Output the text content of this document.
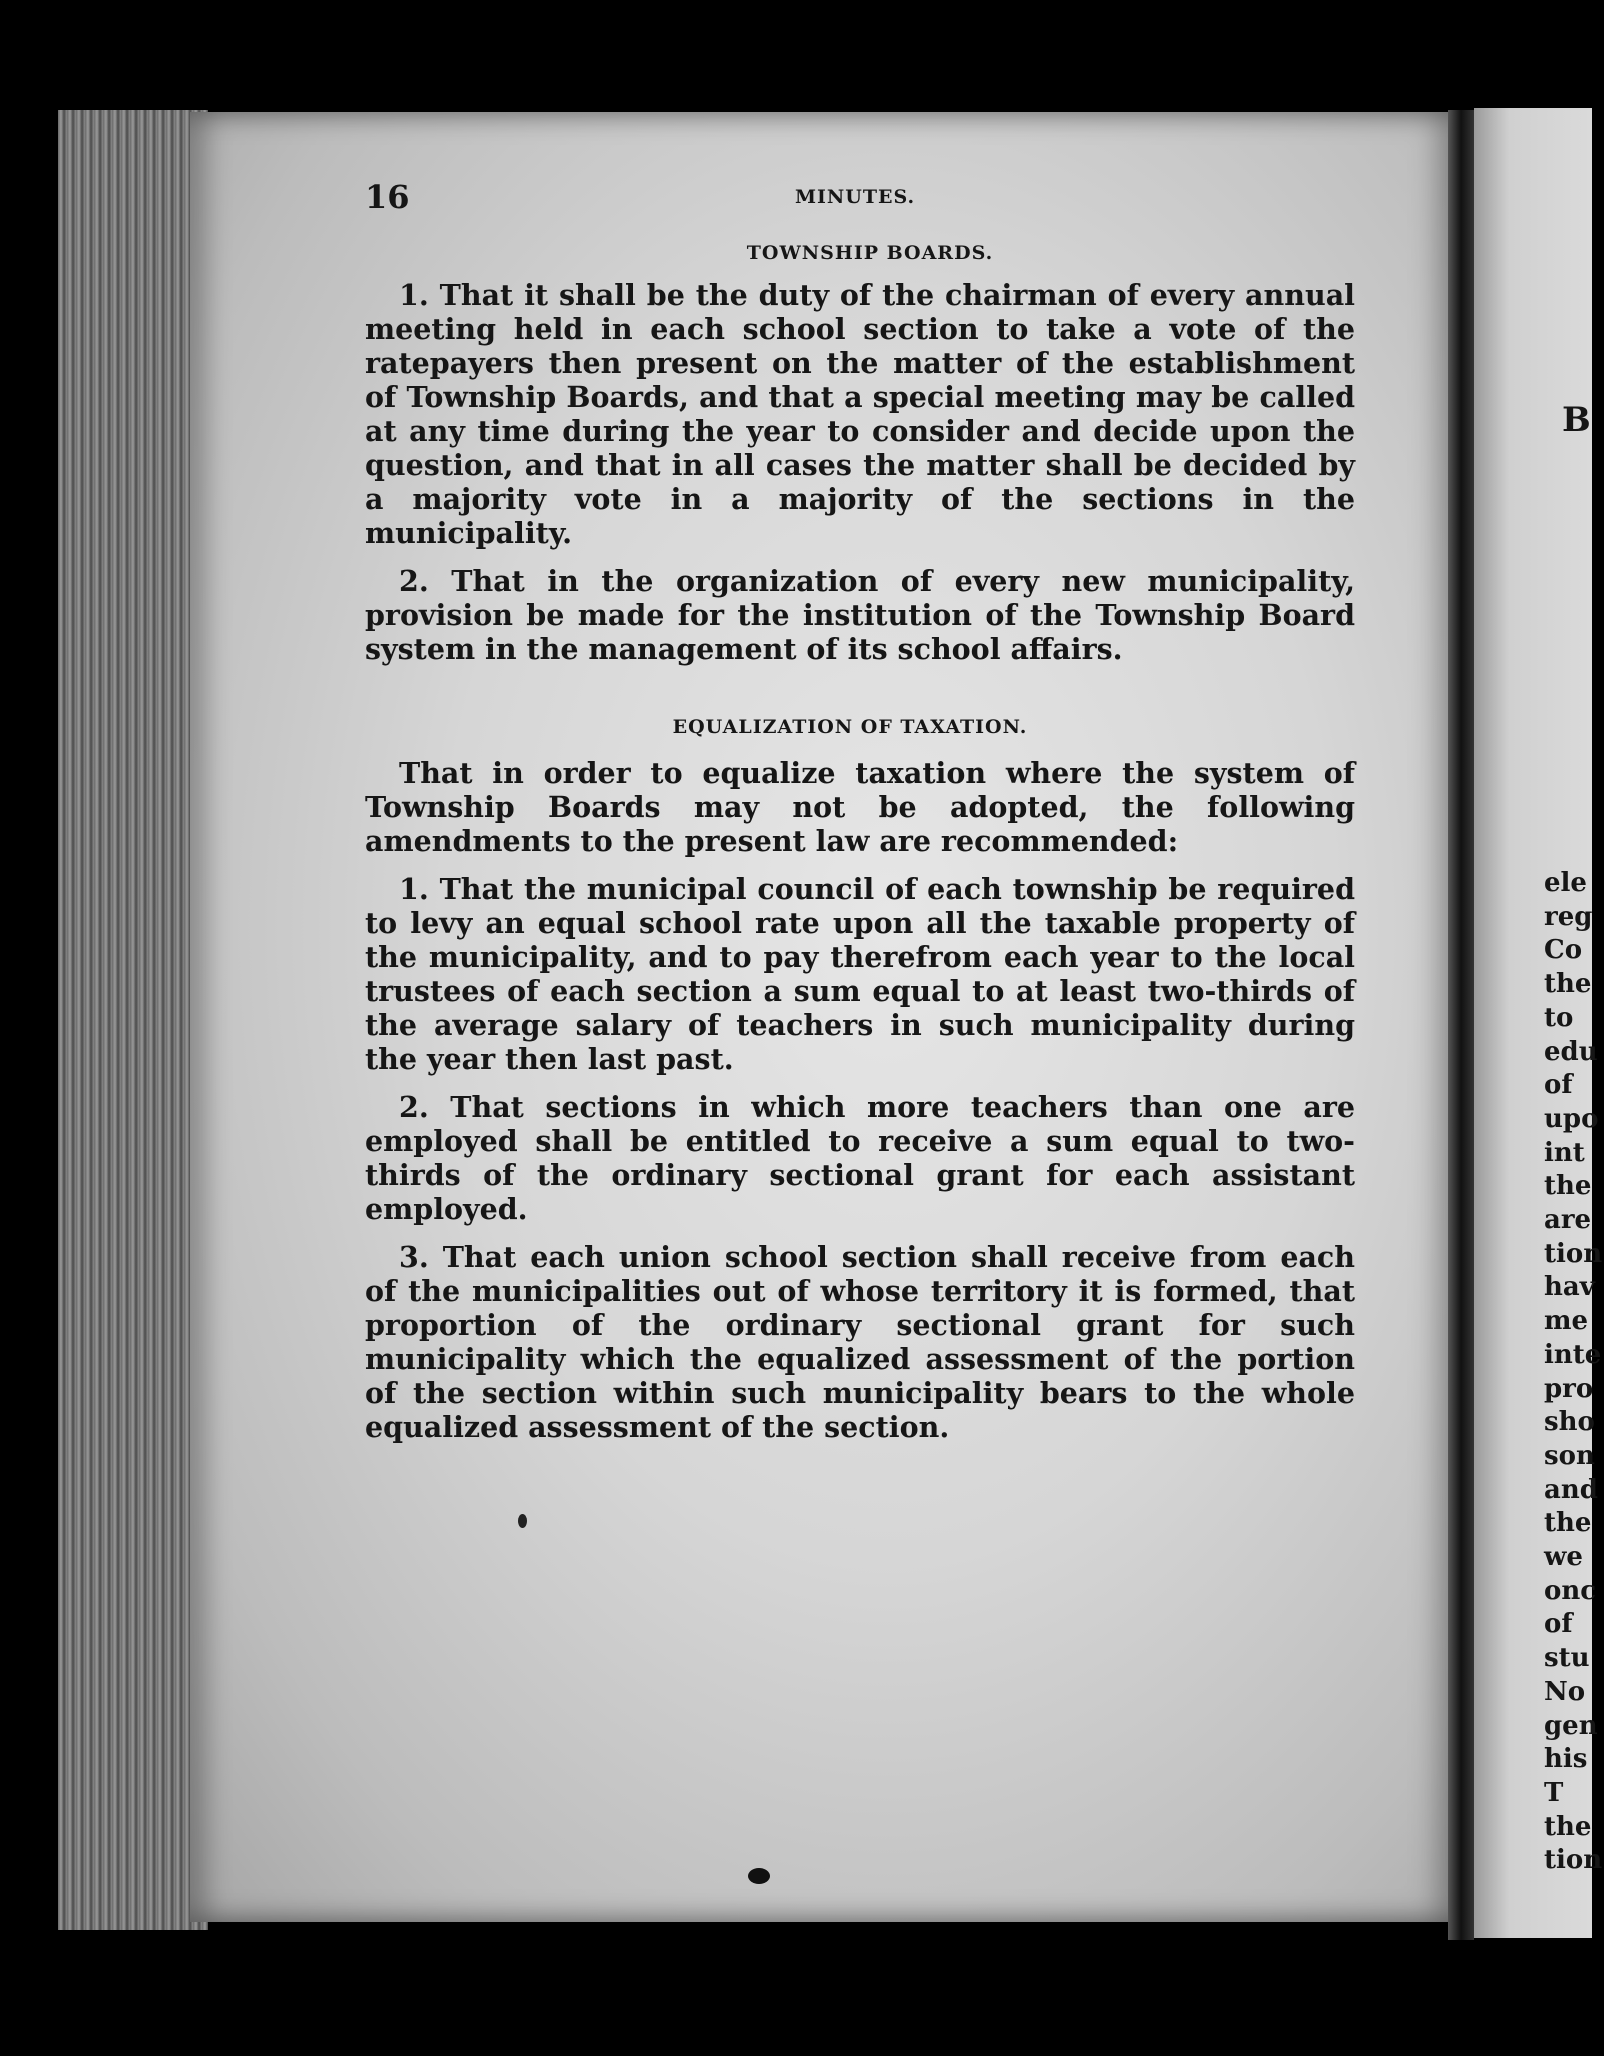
16	MINUTES.
TOWNSHIP BOARDS.

1. That it shall be the duty of the chairman of every annual meeting held in each school section to take a vote of the ratepayers then present on the matter of the establishment of Township Boards, and that a special meeting may be called at any time during the year to consider and decide upon the question, and that in all cases the matter shall be decided by a majority vote in a majority of the sections in the municipality.

2. That in the organization of every new municipality, provision be made for the institution of the Township Board system in the management of its school affairs.

EQUALIZATION OF TAXATION.

That in order to equalize taxation where the system of Township Boards may not be adopted, the following amendments to the present law are recommended:

1. That the municipal council of each township be required to levy an equal school rate upon all the taxable property of the municipality, and to pay therefrom each year to the local trustees of each section a sum equal to at least two-thirds of the average salary of teachers in such municipality during the year then last past.

2. That sections in which more teachers than one are employed shall be entitled to receive a sum equal to two-thirds of the ordinary sectional grant for each assistant employed.

3. That each union school section shall receive from each of the municipalities out of whose territory it is formed, that proportion of the ordinary sectional grant for such municipality which the equalized assessment of the portion of the section within such municipality bears to the whole equalized assessment of the section.

B
ele
reg
Co
the
to
edu
of
upo
int
the
are
tion
hav
me
inte
pro
sho
son
and
the
we
onc
of
stu
No
gen
his
T
the
tion
